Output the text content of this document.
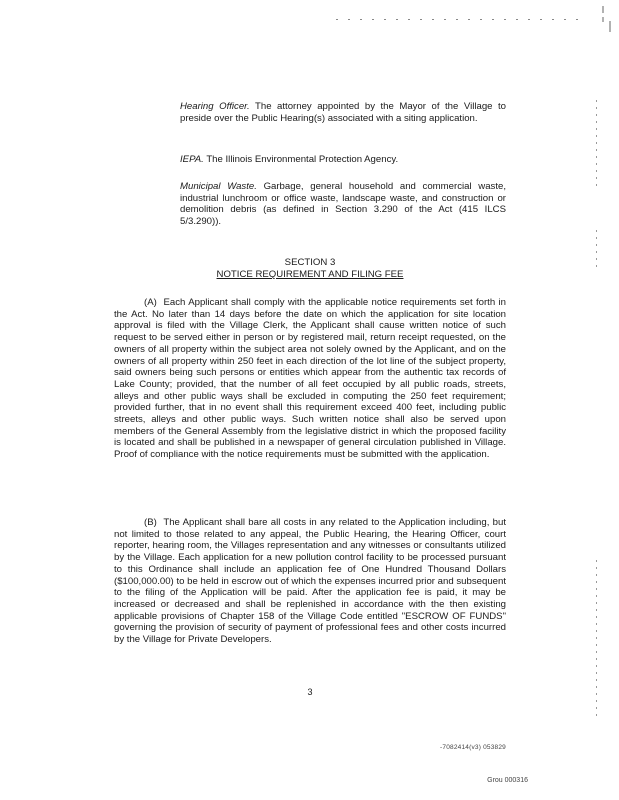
Hearing Officer. The attorney appointed by the Mayor of the Village to preside over the Public Hearing(s) associated with a siting application.
IEPA. The Illinois Environmental Protection Agency.
Municipal Waste. Garbage, general household and commercial waste, industrial lunchroom or office waste, landscape waste, and construction or demolition debris (as defined in Section 3.290 of the Act (415 ILCS 5/3.290)).
SECTION 3
NOTICE REQUIREMENT AND FILING FEE
(A) Each Applicant shall comply with the applicable notice requirements set forth in the Act. No later than 14 days before the date on which the application for site location approval is filed with the Village Clerk, the Applicant shall cause written notice of such request to be served either in person or by registered mail, return receipt requested, on the owners of all property within the subject area not solely owned by the Applicant, and on the owners of all property within 250 feet in each direction of the lot line of the subject property, said owners being such persons or entities which appear from the authentic tax records of Lake County; provided, that the number of all feet occupied by all public roads, streets, alleys and other public ways shall be excluded in computing the 250 feet requirement; provided further, that in no event shall this requirement exceed 400 feet, including public streets, alleys and other public ways. Such written notice shall also be served upon members of the General Assembly from the legislative district in which the proposed facility is located and shall be published in a newspaper of general circulation published in Village. Proof of compliance with the notice requirements must be submitted with the application.
(B) The Applicant shall bare all costs in any related to the Application including, but not limited to those related to any appeal, the Public Hearing, the Hearing Officer, court reporter, hearing room, the Villages representation and any witnesses or consultants utilized by the Village. Each application for a new pollution control facility to be processed pursuant to this Ordinance shall include an application fee of One Hundred Thousand Dollars ($100,000.00) to be held in escrow out of which the expenses incurred prior and subsequent to the filing of the Application will be paid. After the application fee is paid, it may be increased or decreased and shall be replenished in accordance with the then existing applicable provisions of Chapter 158 of the Village Code entitled "ESCROW OF FUNDS" governing the provision of security of payment of professional fees and other costs incurred by the Village for Private Developers.
3
-7082414(v3) 053829
Grou 000316
